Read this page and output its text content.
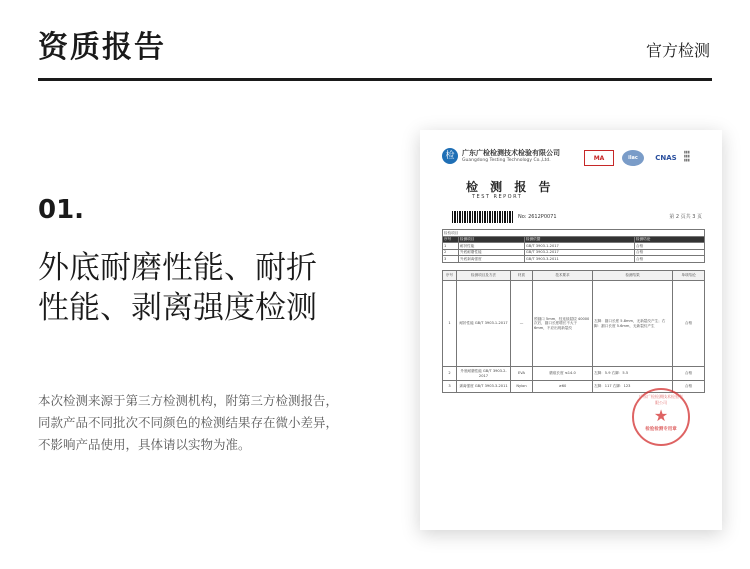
资质报告	官方检测
01.
外底耐磨性能、耐折
性能、剥离强度检测

本次检测来源于第三方检测机构，附第三方检测报告，
同款产品不同批次不同颜色的检测结果存在微小差异，
不影响产品使用，具体请以实物为准。

检	广东广检检测技术检验有限公司
Guangdong Testing Technology Co.,Ltd.	MA	ilac	CNAS
▮▮▮
▮▮▮
▮▮▮
检 测 报 告
TEST REPORT
No: 2612P0071	第 2 页共 3 页
检验项目			
序号	检测项目	检测依据	检测结论
1	耐折性能	GB/T 3903.1-2017	合格
2	外底耐磨性能	GB/T 3903.2-2017	合格
3	外底剥离强度	GB/T 3903.3-2011	合格
序号	检测项目及方法	材质	技术要求	检测结果	单项结论
1	耐折性能 GB/T 3903.1-2017	—	预割口 5mm，经连续屈挠 40000 次后，割口长度增长不大于 6mm，不应出现新裂纹	左脚：割口长度 5.8mm，无新裂纹产生；右脚：割口长度 5.6mm，无新裂纹产生	合格
2	外底耐磨性能 GB/T 3903.2-2017	EVA	磨痕长度 ≤14.0	左脚：5.9 右脚：5.5	合格
3	剥离强度 GB/T 3903.3-2011	Nylon	≥60	左脚：117 右脚：123	合格
广东广检检测技术检验有限公司
★
检验检测专用章
